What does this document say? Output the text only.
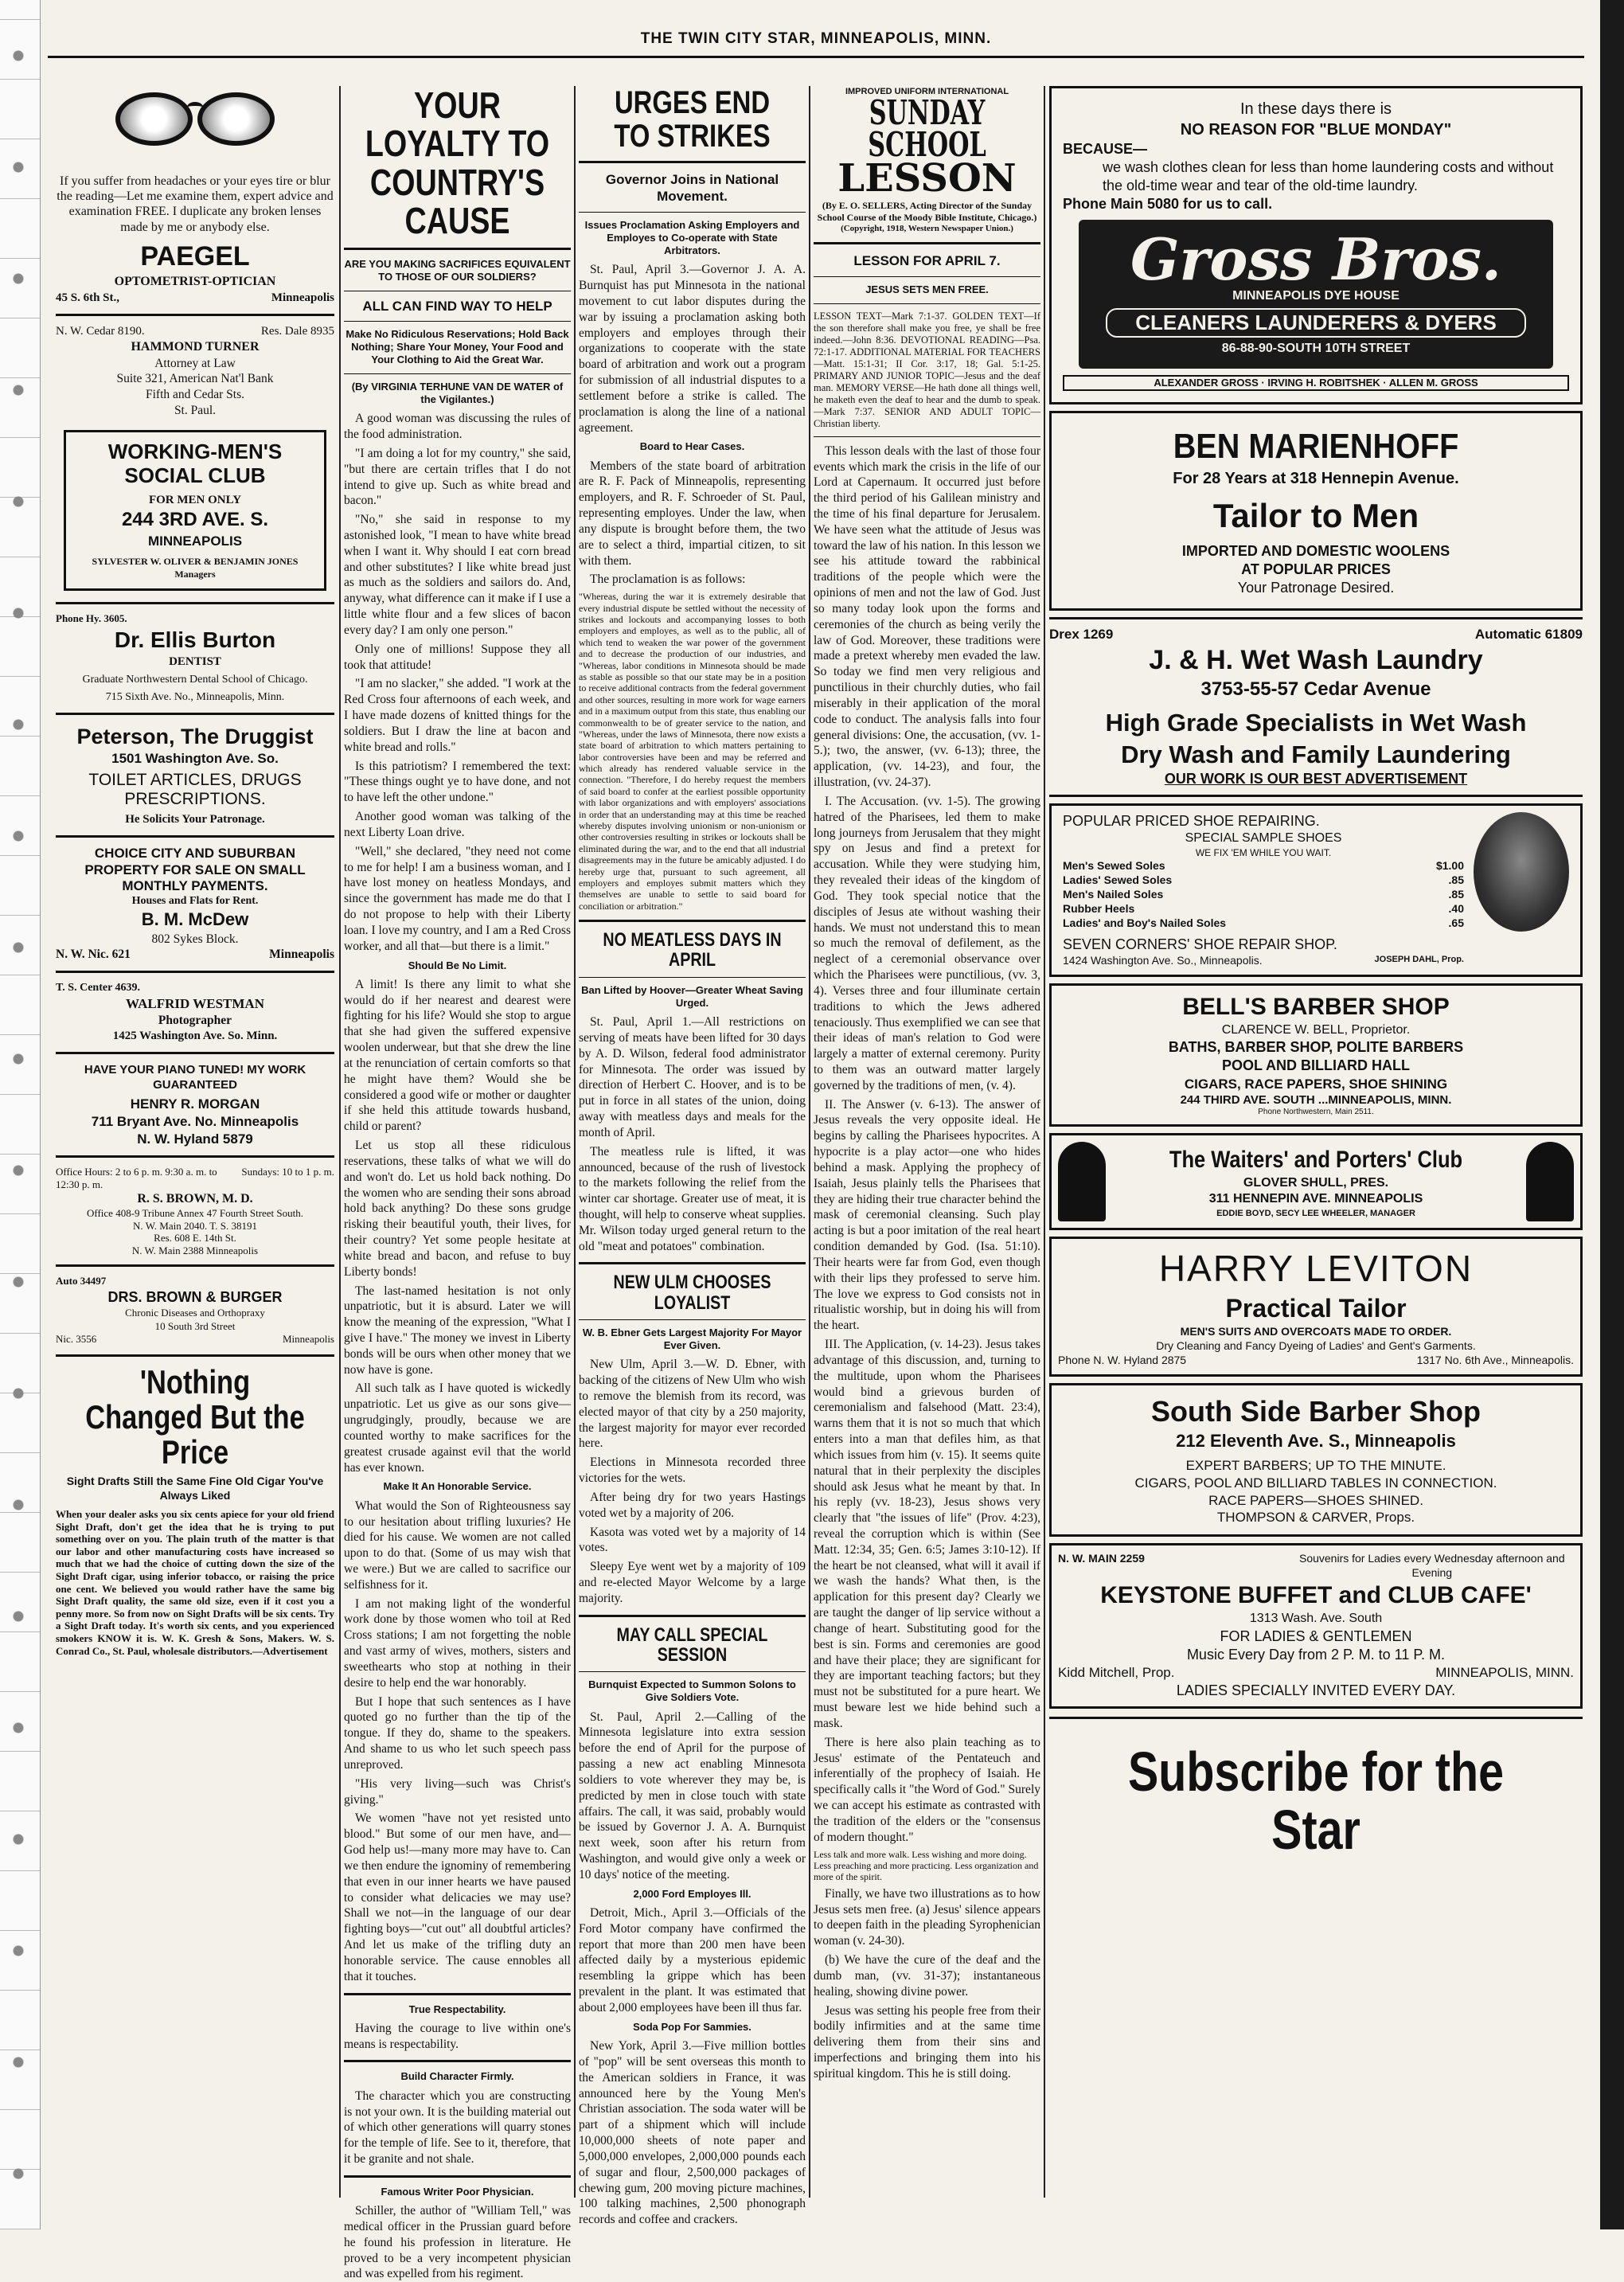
THE TWIN CITY STAR, MINNEAPOLIS, MINN.
If you suffer from headaches or your eyes tire or blur the reading—Let me examine them, expert advice and examination FREE. I duplicate any broken lenses made by me or anybody else.
PAEGEL
OPTOMETRIST-OPTICIAN
45 S. 6th St.,	Minneapolis
N. W. Cedar 8190.	Res. Dale 8935
HAMMOND TURNER
Attorney at Law
Suite 321, American Nat'l Bank
Fifth and Cedar Sts.
St. Paul.
WORKING-MEN'S SOCIAL CLUB
FOR MEN ONLY
244 3RD AVE. S.
MINNEAPOLIS
SYLVESTER W. OLIVER & BENJAMIN JONES
Managers
Phone Hy. 3605.
Dr. Ellis Burton
DENTIST
Graduate Northwestern Dental School of Chicago.
715 Sixth Ave. No., Minneapolis, Minn.
Peterson, The Druggist
1501 Washington Ave. So.
TOILET ARTICLES, DRUGS PRESCRIPTIONS.
He Solicits Your Patronage.
CHOICE CITY AND SUBURBAN PROPERTY FOR SALE ON SMALL MONTHLY PAYMENTS.
Houses and Flats for Rent.
B. M. McDew
802 Sykes Block.
N. W. Nic. 621	Minneapolis
T. S. Center 4639.
WALFRID WESTMAN
Photographer
1425 Washington Ave. So. Minn.
HAVE YOUR PIANO TUNED! MY WORK GUARANTEED
HENRY R. MORGAN
711 Bryant Ave. No. Minneapolis
N. W. Hyland 5879
Office Hours: 2 to 6 p. m. 9:30 a. m. to 12:30 p. m.
Sundays: 10 to 1 p. m.
R. S. BROWN, M. D.
Office 408-9 Tribune Annex 47 Fourth Street South.
N. W. Main 2040. T. S. 38191
Res. 608 E. 14th St.
N. W. Main 2388 Minneapolis
Auto 34497
DRS. BROWN & BURGER
Chronic Diseases and Orthopraxy
10 South 3rd Street
Nic. 3556	Minneapolis
'Nothing Changed But the Price
Sight Drafts Still the Same Fine Old Cigar You've Always Liked
When your dealer asks you six cents apiece for your old friend Sight Draft, don't get the idea that he is trying to put something over on you. The plain truth of the matter is that our labor and other manufacturing costs have increased so much that we had the choice of cutting down the size of the Sight Draft cigar, using inferior tobacco, or raising the price one cent. We believed you would rather have the same big Sight Draft quality, the same old size, even if it cost you a penny more. So from now on Sight Drafts will be six cents. Try a Sight Draft today. It's worth six cents, and you experienced smokers KNOW it is. W. K. Gresh & Sons, Makers. W. S. Conrad Co., St. Paul, wholesale distributors.—Advertisement
YOUR LOYALTY TO COUNTRY'S CAUSE
ARE YOU MAKING SACRIFICES EQUIVALENT TO THOSE OF OUR SOLDIERS?
ALL CAN FIND WAY TO HELP
Make No Ridiculous Reservations; Hold Back Nothing; Share Your Money, Your Food and Your Clothing to Aid the Great War.
(By VIRGINIA TERHUNE VAN DE WATER of the Vigilantes.)

A good woman was discussing the rules of the food administration.

"I am doing a lot for my country," she said, "but there are certain trifles that I do not intend to give up. Such as white bread and bacon."

"No," she said in response to my astonished look, "I mean to have white bread when I want it. Why should I eat corn bread and other substitutes? I like white bread just as much as the soldiers and sailors do. And, anyway, what difference can it make if I use a little white flour and a few slices of bacon every day? I am only one person."

Only one of millions! Suppose they all took that attitude!

"I am no slacker," she added. "I work at the Red Cross four afternoons of each week, and I have made dozens of knitted things for the soldiers. But I draw the line at bacon and white bread and rolls."

Is this patriotism? I remembered the text: "These things ought ye to have done, and not to have left the other undone."

Another good woman was talking of the next Liberty Loan drive.

"Well," she declared, "they need not come to me for help! I am a business woman, and I have lost money on heatless Mondays, and since the government has made me do that I do not propose to help with their Liberty loan. I love my country, and I am a Red Cross worker, and all that—but there is a limit."

Should Be No Limit.

A limit! Is there any limit to what she would do if her nearest and dearest were fighting for his life? Would she stop to argue that she had given the suffered expensive woolen underwear, but that she drew the line at the renunciation of certain comforts so that he might have them? Would she be considered a good wife or mother or daughter if she held this attitude towards husband, child or parent?

Let us stop all these ridiculous reservations, these talks of what we will do and won't do. Let us hold back nothing. Do the women who are sending their sons abroad hold back anything? Do these sons grudge risking their beautiful youth, their lives, for their country? Yet some people hesitate at white bread and bacon, and refuse to buy Liberty bonds!

The last-named hesitation is not only unpatriotic, but it is absurd. Later we will know the meaning of the expression, "What I give I have." The money we invest in Liberty bonds will be ours when other money that we now have is gone.

All such talk as I have quoted is wickedly unpatriotic. Let us give as our sons give—ungrudgingly, proudly, because we are counted worthy to make sacrifices for the greatest crusade against evil that the world has ever known.

Make It An Honorable Service.

What would the Son of Righteousness say to our hesitation about trifling luxuries? He died for his cause. We women are not called upon to do that. (Some of us may wish that we were.) But we are called to sacrifice our selfishness for it.

I am not making light of the wonderful work done by those women who toil at Red Cross stations; I am not forgetting the noble and vast army of wives, mothers, sisters and sweethearts who stop at nothing in their desire to help end the war honorably.

But I hope that such sentences as I have quoted go no further than the tip of the tongue. If they do, shame to the speakers. And shame to us who let such speech pass unreproved.

"His very living—such was Christ's giving."

We women "have not yet resisted unto blood." But some of our men have, and—God help us!—many more may have to. Can we then endure the ignominy of remembering that even in our inner hearts we have paused to consider what delicacies we may use? Shall we not—in the language of our dear fighting boys—"cut out" all doubtful articles? And let us make of the trifling duty an honorable service. The cause ennobles all that it touches.

True Respectability.

Having the courage to live within one's means is respectability.

Build Character Firmly.

The character which you are constructing is not your own. It is the building material out of which other generations will quarry stones for the temple of life. See to it, therefore, that it be granite and not shale.

Famous Writer Poor Physician.

Schiller, the author of "William Tell," was medical officer in the Prussian guard before he found his profession in literature. He proved to be a very incompetent physician and was expelled from his regiment.

URGES END TO STRIKES
Governor Joins in National Movement.
Issues Proclamation Asking Employers and Employes to Co-operate with State Arbitrators.

St. Paul, April 3.—Governor J. A. A. Burnquist has put Minnesota in the national movement to cut labor disputes during the war by issuing a proclamation asking both employers and employes through their organizations to cooperate with the state board of arbitration and work out a program for submission of all industrial disputes to a settlement before a strike is called. The proclamation is along the line of a national agreement.

Board to Hear Cases.

Members of the state board of arbitration are R. F. Pack of Minneapolis, representing employers, and R. F. Schroeder of St. Paul, representing employes. Under the law, when any dispute is brought before them, the two are to select a third, impartial citizen, to sit with them.

The proclamation is as follows:

"Whereas, during the war it is extremely desirable that every industrial dispute be settled without the necessity of strikes and lockouts and accompanying losses to both employers and employes, as well as to the public, all of which tend to weaken the war power of the government and to decrease the production of our industries, and "Whereas, labor conditions in Minnesota should be made as stable as possible so that our state may be in a position to receive additional contracts from the federal government and other sources, resulting in more work for wage earners and in a maximum output from this state, thus enabling our commonwealth to be of greater service to the nation, and "Whereas, under the laws of Minnesota, there now exists a state board of arbitration to which matters pertaining to labor controversies have been and may be referred and which already has rendered valuable service in the connection. "Therefore, I do hereby request the members of said board to confer at the earliest possible opportunity with labor organizations and with employers' associations in order that an understanding may at this time be reached whereby disputes involving unionism or non-unionism or other controversies resulting in strikes or lockouts shall be eliminated during the war, and to the end that all industrial disagreements may in the future be amicably adjusted. I do hereby urge that, pursuant to such agreement, all employers and employes submit matters which they themselves are unable to settle to said board for conciliation or arbitration."
NO MEATLESS DAYS IN APRIL
Ban Lifted by Hoover—Greater Wheat Saving Urged.

St. Paul, April 1.—All restrictions on serving of meats have been lifted for 30 days by A. D. Wilson, federal food administrator for Minnesota. The order was issued by direction of Herbert C. Hoover, and is to be put in force in all states of the union, doing away with meatless days and meals for the month of April.

The meatless rule is lifted, it was announced, because of the rush of livestock to the markets following the relief from the winter car shortage. Greater use of meat, it is thought, will help to conserve wheat supplies. Mr. Wilson today urged general return to the old "meat and potatoes" combination.

NEW ULM CHOOSES LOYALIST
W. B. Ebner Gets Largest Majority For Mayor Ever Given.

New Ulm, April 3.—W. D. Ebner, with backing of the citizens of New Ulm who wish to remove the blemish from its record, was elected mayor of that city by a 250 majority, the largest majority for mayor ever recorded here.

Elections in Minnesota recorded three victories for the wets.

After being dry for two years Hastings voted wet by a majority of 206.

Kasota was voted wet by a majority of 14 votes.

Sleepy Eye went wet by a majority of 109 and re-elected Mayor Welcome by a large majority.

MAY CALL SPECIAL SESSION
Burnquist Expected to Summon Solons to Give Soldiers Vote.

St. Paul, April 2.—Calling of the Minnesota legislature into extra session before the end of April for the purpose of passing a new act enabling Minnesota soldiers to vote wherever they may be, is predicted by men in close touch with state affairs. The call, it was said, probably would be issued by Governor J. A. A. Burnquist next week, soon after his return from Washington, and would give only a week or 10 days' notice of the meeting.

2,000 Ford Employes Ill.

Detroit, Mich., April 3.—Officials of the Ford Motor company have confirmed the report that more than 200 men have been affected daily by a mysterious epidemic resembling la grippe which has been prevalent in the plant. It was estimated that about 2,000 employees have been ill thus far.

Soda Pop For Sammies.

New York, April 3.—Five million bottles of "pop" will be sent overseas this month to the American soldiers in France, it was announced here by the Young Men's Christian association. The soda water will be part of a shipment which will include 10,000,000 sheets of note paper and 5,000,000 envelopes, 2,000,000 pounds each of sugar and flour, 2,500,000 packages of chewing gum, 200 moving picture machines, 100 talking machines, 2,500 phonograph records and coffee and crackers.

IMPROVED UNIFORM INTERNATIONAL
SUNDAY SCHOOL
LESSON
(By E. O. SELLERS, Acting Director of the Sunday School Course of the Moody Bible Institute, Chicago.)
(Copyright, 1918, Western Newspaper Union.)
LESSON FOR APRIL 7.
JESUS SETS MEN FREE.
LESSON TEXT—Mark 7:1-37. GOLDEN TEXT—If the son therefore shall make you free, ye shall be free indeed.—John 8:36. DEVOTIONAL READING—Psa. 72:1-17. ADDITIONAL MATERIAL FOR TEACHERS—Matt. 15:1-31; II Cor. 3:17, 18; Gal. 5:1-25. PRIMARY AND JUNIOR TOPIC—Jesus and the deaf man. MEMORY VERSE—He hath done all things well, he maketh even the deaf to hear and the dumb to speak.—Mark 7:37. SENIOR AND ADULT TOPIC—Christian liberty.

This lesson deals with the last of those four events which mark the crisis in the life of our Lord at Capernaum. It occurred just before the third period of his Galilean ministry and the time of his final departure for Jerusalem. We have seen what the attitude of Jesus was toward the law of his nation. In this lesson we see his attitude toward the rabbinical traditions of the people which were the opinions of men and not the law of God. Just so many today look upon the forms and ceremonies of the church as being verily the law of God. Moreover, these traditions were made a pretext whereby men evaded the law. So today we find men very religious and punctilious in their churchly duties, who fail miserably in their application of the moral code to conduct. The analysis falls into four general divisions: One, the accusation, (vv. 1-5.); two, the answer, (vv. 6-13); three, the application, (vv. 14-23), and four, the illustration, (vv. 24-37).

I. The Accusation. (vv. 1-5). The growing hatred of the Pharisees, led them to make long journeys from Jerusalem that they might spy on Jesus and find a pretext for accusation. While they were studying him, they revealed their ideas of the kingdom of God. They took special notice that the disciples of Jesus ate without washing their hands. We must not understand this to mean so much the removal of defilement, as the neglect of a ceremonial observance over which the Pharisees were punctilious, (vv. 3, 4). Verses three and four illuminate certain traditions to which the Jews adhered tenaciously. Thus exemplified we can see that their ideas of man's relation to God were largely a matter of external ceremony. Purity to them was an outward matter largely governed by the traditions of men, (v. 4).

II. The Answer (v. 6-13). The answer of Jesus reveals the very opposite ideal. He begins by calling the Pharisees hypocrites. A hypocrite is a play actor—one who hides behind a mask. Applying the prophecy of Isaiah, Jesus plainly tells the Pharisees that they are hiding their true character behind the mask of ceremonial cleansing. Such play acting is but a poor imitation of the real heart condition demanded by God. (Isa. 51:10). Their hearts were far from God, even though with their lips they professed to serve him. The love we express to God consists not in ritualistic worship, but in doing his will from the heart.

III. The Application, (v. 14-23). Jesus takes advantage of this discussion, and, turning to the multitude, upon whom the Pharisees would bind a grievous burden of ceremonialism and falsehood (Matt. 23:4), warns them that it is not so much that which enters into a man that defiles him, as that which issues from him (v. 15). It seems quite natural that in their perplexity the disciples should ask Jesus what he meant by that. In his reply (vv. 18-23), Jesus shows very clearly that "the issues of life" (Prov. 4:23), reveal the corruption which is within (See Matt. 12:34, 35; Gen. 6:5; James 3:10-12). If the heart be not cleansed, what will it avail if we wash the hands? What then, is the application for this present day? Clearly we are taught the danger of lip service without a change of heart. Substituting good for the best is sin. Forms and ceremonies are good and have their place; they are significant for they are important teaching factors; but they must not be substituted for a pure heart. We must beware lest we hide behind such a mask.

There is here also plain teaching as to Jesus' estimate of the Pentateuch and inferentially of the prophecy of Isaiah. He specifically calls it "the Word of God." Surely we can accept his estimate as contrasted with the tradition of the elders or the "consensus of modern thought."

Less talk and more walk. Less wishing and more doing. Less preaching and more practicing. Less organization and more of the spirit.

Finally, we have two illustrations as to how Jesus sets men free. (a) Jesus' silence appears to deepen faith in the pleading Syrophenician woman (v. 24-30).

(b) We have the cure of the deaf and the dumb man, (vv. 31-37); instantaneous healing, showing divine power.

Jesus was setting his people free from their bodily infirmities and at the same time delivering them from their sins and imperfections and bringing them into his spiritual kingdom. This he is still doing.

In these days there is
NO REASON FOR "BLUE MONDAY"
BECAUSE—
we wash clothes clean for less than home laundering costs and without the old-time wear and tear of the old-time laundry.
Phone Main 5080 for us to call.
Gross Bros.
MINNEAPOLIS DYE HOUSE
CLEANERS LAUNDERERS & DYERS
86-88-90-SOUTH 10TH STREET
ALEXANDER GROSS · IRVING H. ROBITSHEK · ALLEN M. GROSS
BEN MARIENHOFF
For 28 Years at 318 Hennepin Avenue.
Tailor to Men
IMPORTED AND DOMESTIC WOOLENS
AT POPULAR PRICES
Your Patronage Desired.
Drex 1269	Automatic 61809
J. & H. Wet Wash Laundry
3753-55-57 Cedar Avenue
High Grade Specialists in Wet Wash
Dry Wash and Family Laundering
OUR WORK IS OUR BEST ADVERTISEMENT
POPULAR PRICED SHOE REPAIRING.
SPECIAL SAMPLE SHOES
WE FIX 'EM WHILE YOU WAIT.
Men's Sewed Soles	$1.00
Ladies' Sewed Soles	.85
Men's Nailed Soles	.85
Rubber Heels	.40
Ladies' and Boy's Nailed Soles	.65
SEVEN CORNERS' SHOE REPAIR SHOP.
1424 Washington Ave. So., Minneapolis.	JOSEPH DAHL, Prop.
BELL'S BARBER SHOP
CLARENCE W. BELL, Proprietor.
BATHS, BARBER SHOP, POLITE BARBERS
POOL AND BILLIARD HALL
CIGARS, RACE PAPERS, SHOE SHINING
244 THIRD AVE. SOUTH ...MINNEAPOLIS, MINN.
Phone Northwestern, Main 2511.
The Waiters' and Porters' Club
GLOVER SHULL, PRES.
311 HENNEPIN AVE. MINNEAPOLIS
EDDIE BOYD, SECY LEE WHEELER, MANAGER
HARRY LEVITON
Practical Tailor
MEN'S SUITS AND OVERCOATS MADE TO ORDER.
Dry Cleaning and Fancy Dyeing of Ladies' and Gent's Garments.
Phone N. W. Hyland 2875	1317 No. 6th Ave., Minneapolis.
South Side Barber Shop
212 Eleventh Ave. S., Minneapolis
EXPERT BARBERS; UP TO THE MINUTE.
CIGARS, POOL AND BILLIARD TABLES IN CONNECTION.
RACE PAPERS—SHOES SHINED.
THOMPSON & CARVER, Props.
N. W. MAIN 2259	Souvenirs for Ladies every Wednesday afternoon and Evening
KEYSTONE BUFFET and CLUB CAFE'
1313 Wash. Ave. South
FOR LADIES & GENTLEMEN
Music Every Day from 2 P. M. to 11 P. M.
Kidd Mitchell, Prop.	MINNEAPOLIS, MINN.
LADIES SPECIALLY INVITED EVERY DAY.
Subscribe for the Star
